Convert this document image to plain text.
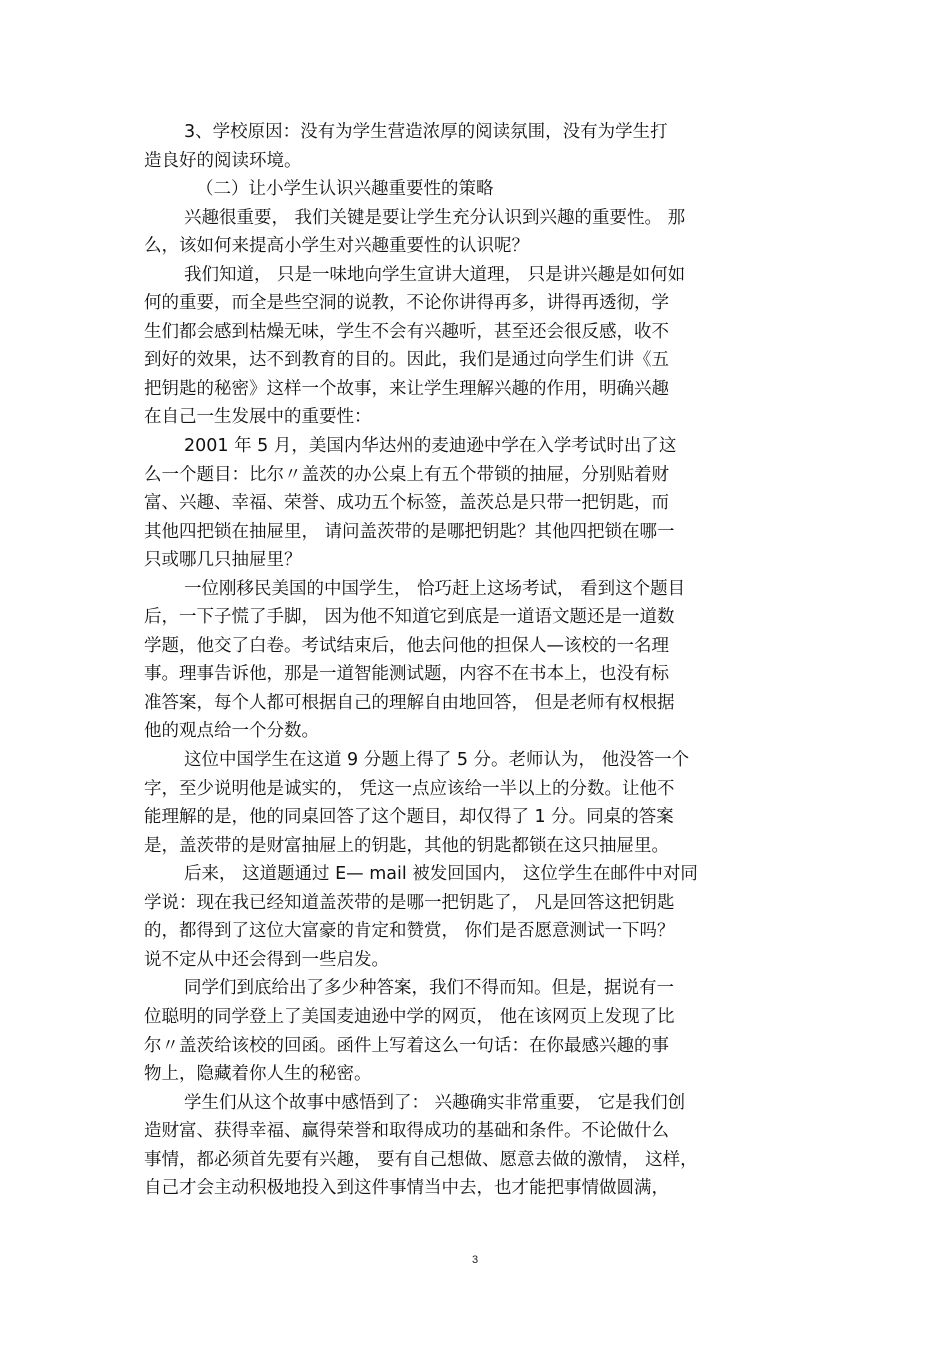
3、学校原因：没有为学生营造浓厚的阅读氛围，没有为学生打
造良好的阅读环境。
（二）让小学生认识兴趣重要性的策略
兴趣很重要， 我们关键是要让学生充分认识到兴趣的重要性。 那
么，该如何来提高小学生对兴趣重要性的认识呢？
我们知道， 只是一味地向学生宣讲大道理， 只是讲兴趣是如何如
何的重要，而全是些空洞的说教，不论你讲得再多，讲得再透彻，学
生们都会感到枯燥无味，学生不会有兴趣听，甚至还会很反感，收不
到好的效果，达不到教育的目的。因此，我们是通过向学生们讲《五
把钥匙的秘密》这样一个故事，来让学生理解兴趣的作用，明确兴趣
在自己一生发展中的重要性：
2001 年 5 月，美国内华达州的麦迪逊中学在入学考试时出了这
么一个题目：比尔〃盖茨的办公桌上有五个带锁的抽屉，分别贴着财
富、兴趣、幸福、荣誉、成功五个标签，盖茨总是只带一把钥匙，而
其他四把锁在抽屉里， 请问盖茨带的是哪把钥匙？其他四把锁在哪一
只或哪几只抽屉里？
一位刚移民美国的中国学生， 恰巧赶上这场考试， 看到这个题目
后，一下子慌了手脚， 因为他不知道它到底是一道语文题还是一道数
学题，他交了白卷。考试结束后，他去问他的担保人—该校的一名理
事。理事告诉他，那是一道智能测试题，内容不在书本上，也没有标
准答案，每个人都可根据自己的理解自由地回答， 但是老师有权根据
他的观点给一个分数。
这位中国学生在这道 9 分题上得了 5 分。老师认为， 他没答一个
字，至少说明他是诚实的， 凭这一点应该给一半以上的分数。让他不
能理解的是，他的同桌回答了这个题目，却仅得了 1 分。同桌的答案
是，盖茨带的是财富抽屉上的钥匙，其他的钥匙都锁在这只抽屉里。
后来， 这道题通过 E— mail 被发回国内， 这位学生在邮件中对同
学说：现在我已经知道盖茨带的是哪一把钥匙了， 凡是回答这把钥匙
的，都得到了这位大富豪的肯定和赞赏， 你们是否愿意测试一下吗？
说不定从中还会得到一些启发。
同学们到底给出了多少种答案，我们不得而知。但是，据说有一
位聪明的同学登上了美国麦迪逊中学的网页， 他在该网页上发现了比
尔〃盖茨给该校的回函。函件上写着这么一句话：在你最感兴趣的事
物上，隐藏着你人生的秘密。
学生们从这个故事中感悟到了： 兴趣确实非常重要， 它是我们创
造财富、获得幸福、赢得荣誉和取得成功的基础和条件。不论做什么
事情，都必须首先要有兴趣， 要有自己想做、愿意去做的激情， 这样，
自己才会主动积极地投入到这件事情当中去，也才能把事情做圆满，
3
